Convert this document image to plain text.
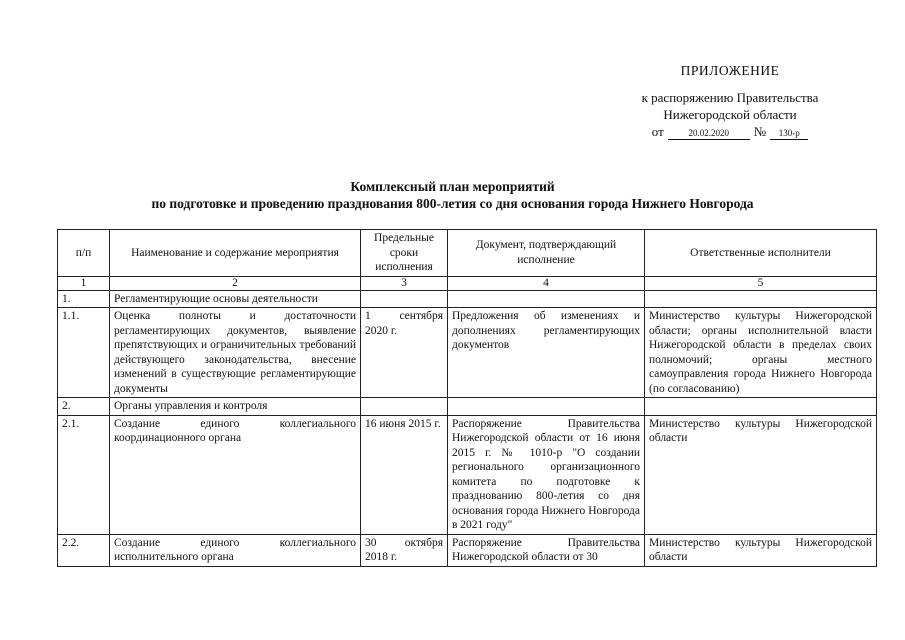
ПРИЛОЖЕНИЕ
к распоряжению Правительства
Нижегородской области
от	20.02.2020	№	130-р
Комплексный план мероприятий
по подготовке и проведению празднования 800-летия со дня основания города Нижнего Новгорода
п/п	Наименование и содержание мероприятия	Предельные сроки исполнения	Документ, подтверждающий исполнение	Ответственные исполнители
1	2	3	4	5
1.	Регламентирующие основы деятельности			
1.1.	Оценка полноты и достаточности регламентирующих документов, выявление препятствующих и ограничительных требований действующего законодательства, внесение изменений в существующие регламентирующие документы	1 сентября 2020 г.	Предложения об изменениях и дополнениях регламентирующих документов	Министерство культуры Нижегородской области; органы исполнительной власти Нижегородской области в пределах своих полномочий; органы местного самоуправления города Нижнего Новгорода (по согласованию)
2.	Органы управления и контроля			
2.1.	Создание единого коллегиального координационного органа	16 июня 2015 г.	Распоряжение Правительства Нижегородской области от 16 июня 2015 г. № 1010-р "О создании регионального организационного комитета по подготовке к празднованию 800-летия со дня основания города Нижнего Новгорода в 2021 году"	Министерство культуры Нижегородской области
2.2.	Создание единого коллегиального исполнительного органа	30 октября 2018 г.	Распоряжение Правительства Нижегородской области от 30	Министерство культуры Нижегородской области
